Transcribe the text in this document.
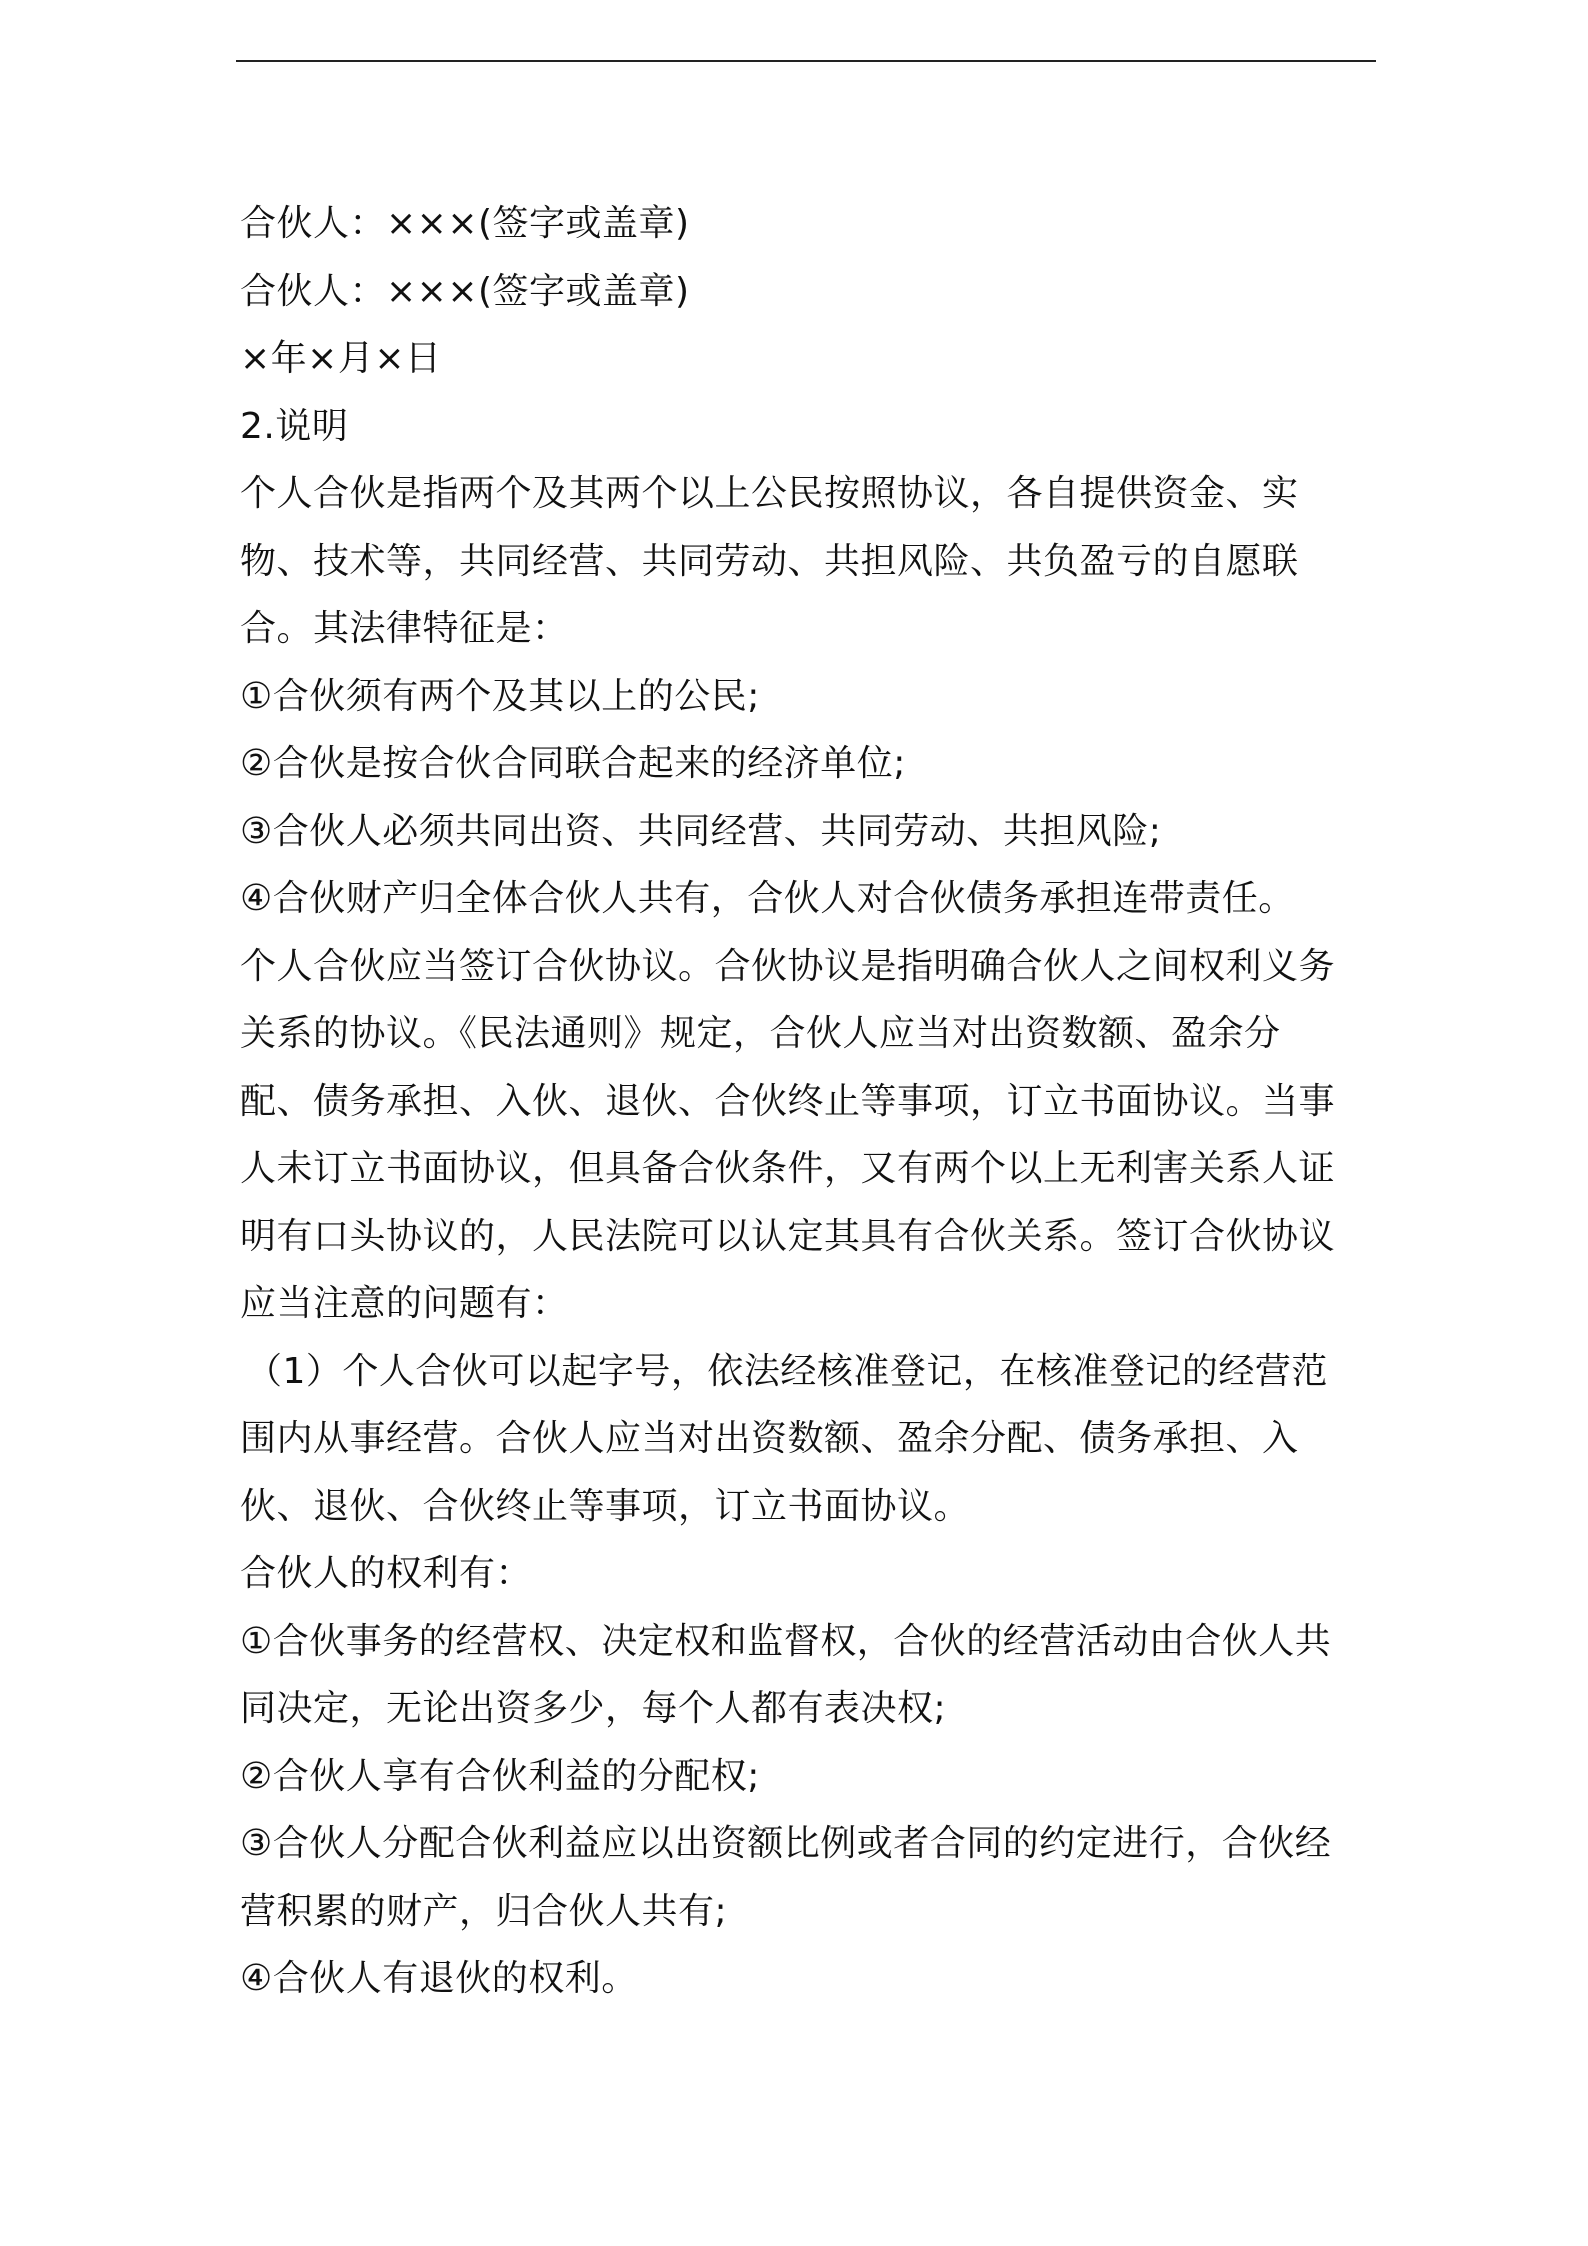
合伙人：×××(签字或盖章)
合伙人：×××(签字或盖章)
×年×月×日
2.说明
个人合伙是指两个及其两个以上公民按照协议，各自提供资金、实
物、技术等，共同经营、共同劳动、共担风险、共负盈亏的自愿联
合。其法律特征是：
①合伙须有两个及其以上的公民;
②合伙是按合伙合同联合起来的经济单位;
③合伙人必须共同出资、共同经营、共同劳动、共担风险;
④合伙财产归全体合伙人共有，合伙人对合伙债务承担连带责任。
个人合伙应当签订合伙协议。合伙协议是指明确合伙人之间权利义务
关系的协议。《民法通则》规定，合伙人应当对出资数额、盈余分
配、债务承担、入伙、退伙、合伙终止等事项，订立书面协议。当事
人未订立书面协议，但具备合伙条件，又有两个以上无利害关系人证
明有口头协议的，人民法院可以认定其具有合伙关系。签订合伙协议
应当注意的问题有：
（1）个人合伙可以起字号，依法经核准登记，在核准登记的经营范
围内从事经营。合伙人应当对出资数额、盈余分配、债务承担、入
伙、退伙、合伙终止等事项，订立书面协议。
合伙人的权利有：
①合伙事务的经营权、决定权和监督权，合伙的经营活动由合伙人共
同决定，无论出资多少，每个人都有表决权;
②合伙人享有合伙利益的分配权;
③合伙人分配合伙利益应以出资额比例或者合同的约定进行，合伙经
营积累的财产，归合伙人共有;
④合伙人有退伙的权利。
